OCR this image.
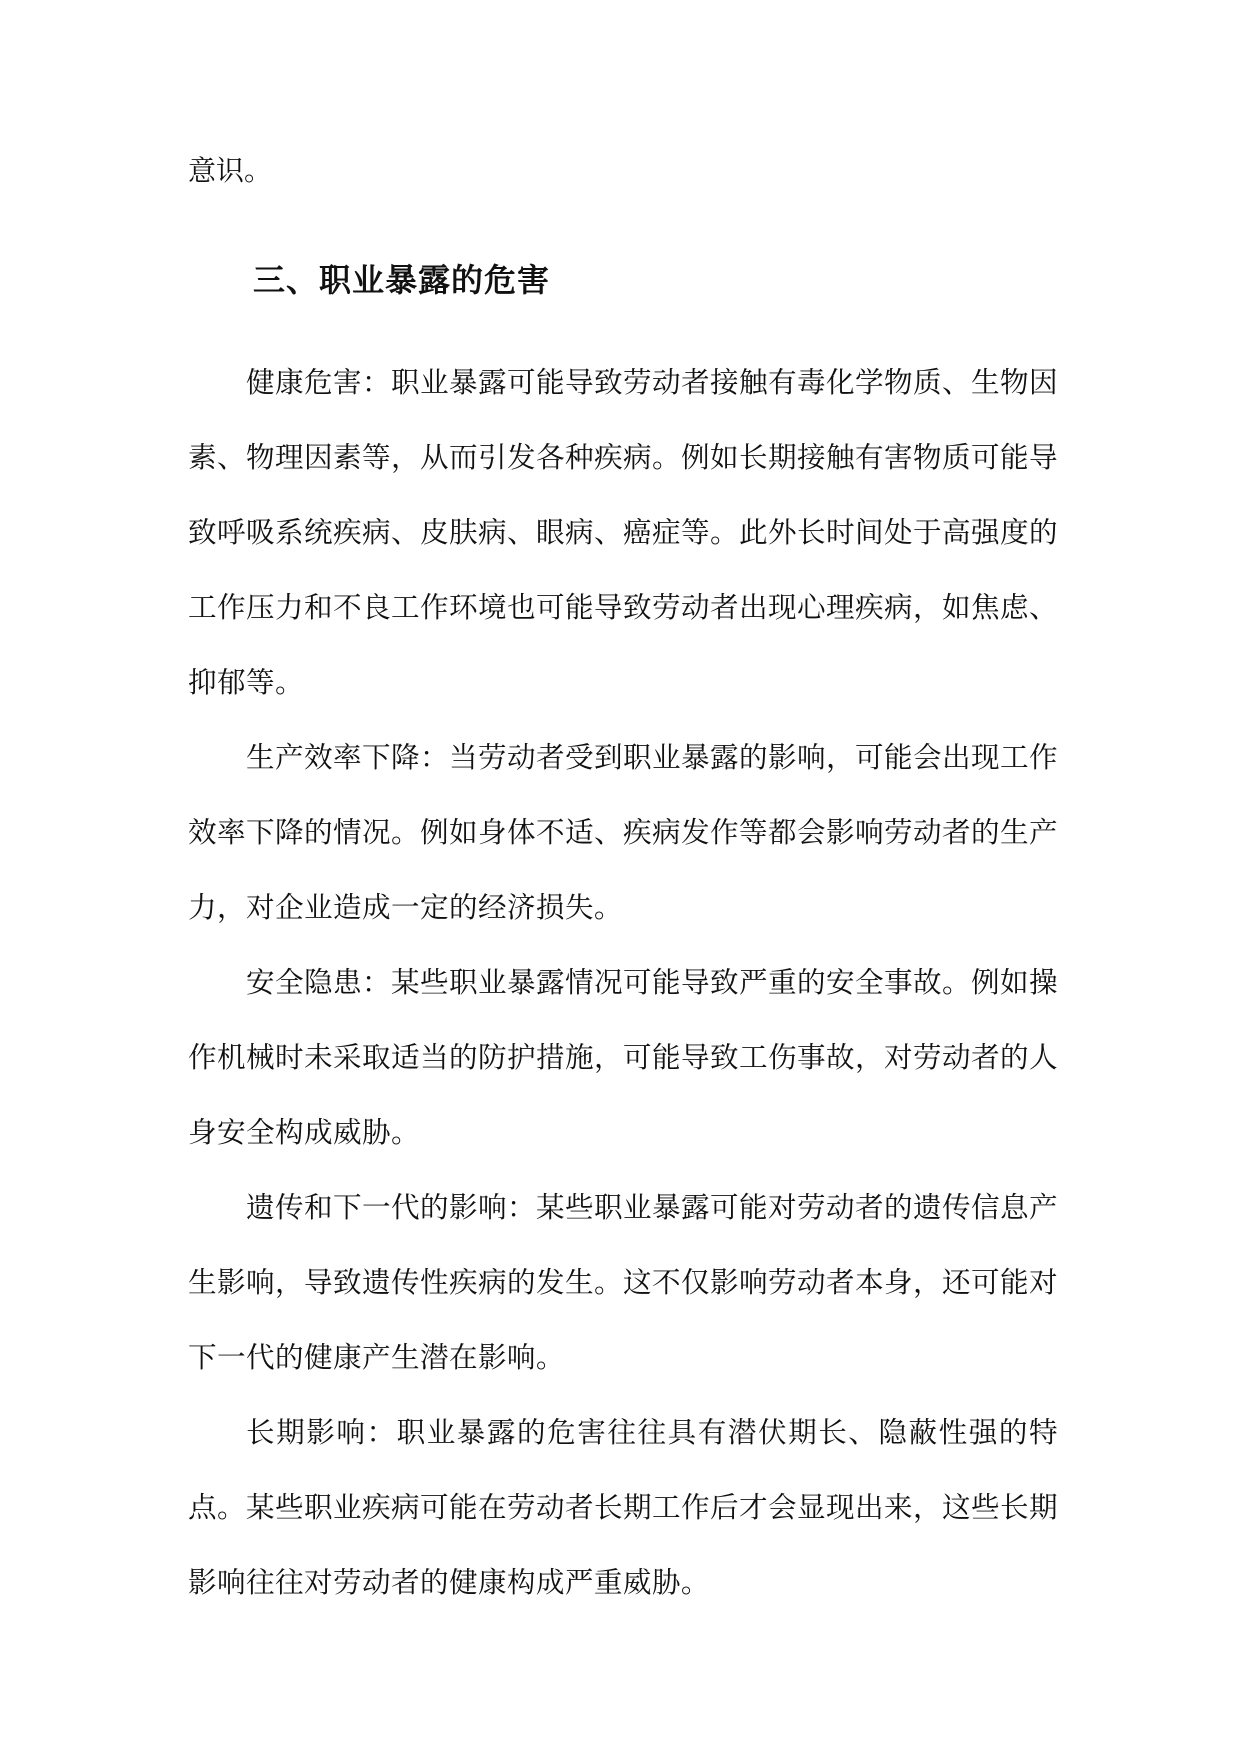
意识。

三、职业暴露的危害

健康危害：职业暴露可能导致劳动者接触有毒化学物质、生物因素、物理因素等，从而引发各种疾病。例如长期接触有害物质可能导致呼吸系统疾病、皮肤病、眼病、癌症等。此外长时间处于高强度的工作压力和不良工作环境也可能导致劳动者出现心理疾病，如焦虑、抑郁等。

生产效率下降：当劳动者受到职业暴露的影响，可能会出现工作效率下降的情况。例如身体不适、疾病发作等都会影响劳动者的生产力，对企业造成一定的经济损失。

安全隐患：某些职业暴露情况可能导致严重的安全事故。例如操作机械时未采取适当的防护措施，可能导致工伤事故，对劳动者的人身安全构成威胁。

遗传和下一代的影响：某些职业暴露可能对劳动者的遗传信息产生影响，导致遗传性疾病的发生。这不仅影响劳动者本身，还可能对下一代的健康产生潜在影响。

长期影响：职业暴露的危害往往具有潜伏期长、隐蔽性强的特点。某些职业疾病可能在劳动者长期工作后才会显现出来，这些长期影响往往对劳动者的健康构成严重威胁。
